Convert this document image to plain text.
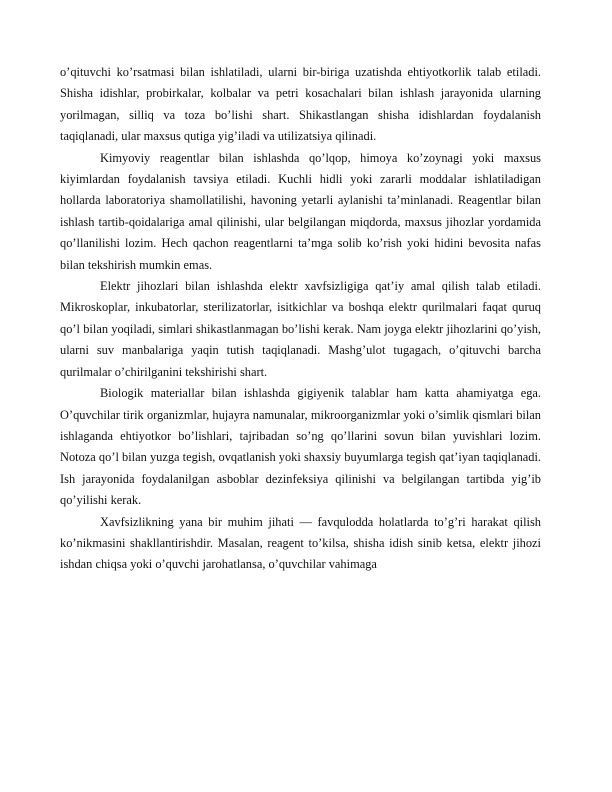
o’qituvchi ko’rsatmasi bilan ishlatiladi, ularni bir-biriga uzatishda ehtiyotkorlik talab etiladi. Shisha idishlar, probirkalar, kolbalar va petri kosachalari bilan ishlash jarayonida ularning yorilmagan, silliq va toza bo’lishi shart. Shikastlangan shisha idishlardan foydalanish taqiqlanadi, ular maxsus qutiga yig’iladi va utilizatsiya qilinadi.

Kimyoviy reagentlar bilan ishlashda qo’lqop, himoya ko’zoynagi yoki maxsus kiyimlardan foydalanish tavsiya etiladi. Kuchli hidli yoki zararli moddalar ishlatiladigan hollarda laboratoriya shamollatilishi, havoning yetarli aylanishi ta’minlanadi. Reagentlar bilan ishlash tartib-qoidalariga amal qilinishi, ular belgilangan miqdorda, maxsus jihozlar yordamida qo’llanilishi lozim. Hech qachon reagentlarni ta’mga solib ko’rish yoki hidini bevosita nafas bilan tekshirish mumkin emas.

Elektr jihozlari bilan ishlashda elektr xavfsizligiga qat’iy amal qilish talab etiladi. Mikroskoplar, inkubatorlar, sterilizatorlar, isitkichlar va boshqa elektr qurilmalari faqat quruq qo’l bilan yoqiladi, simlari shikastlanmagan bo’lishi kerak. Nam joyga elektr jihozlarini qo’yish, ularni suv manbalariga yaqin tutish taqiqlanadi. Mashg’ulot tugagach, o’qituvchi barcha qurilmalar o’chirilganini tekshirishi shart.

Biologik materiallar bilan ishlashda gigiyenik talablar ham katta ahamiyatga ega. O’quvchilar tirik organizmlar, hujayra namunalar, mikroorganizmlar yoki o’simlik qismlari bilan ishlaganda ehtiyotkor bo’lishlari, tajribadan so’ng qo’llarini sovun bilan yuvishlari lozim. Notoza qo’l bilan yuzga tegish, ovqatlanish yoki shaxsiy buyumlarga tegish qat’iyan taqiqlanadi. Ish jarayonida foydalanilgan asboblar dezinfeksiya qilinishi va belgilangan tartibda yig’ib qo’yilishi kerak.

Xavfsizlikning yana bir muhim jihati — favqulodda holatlarda to’g’ri harakat qilish ko’nikmasini shakllantirishdir. Masalan, reagent to’kilsa, shisha idish sinib ketsa, elektr jihozi ishdan chiqsa yoki o’quvchi jarohatlansa, o’quvchilar vahimaga
